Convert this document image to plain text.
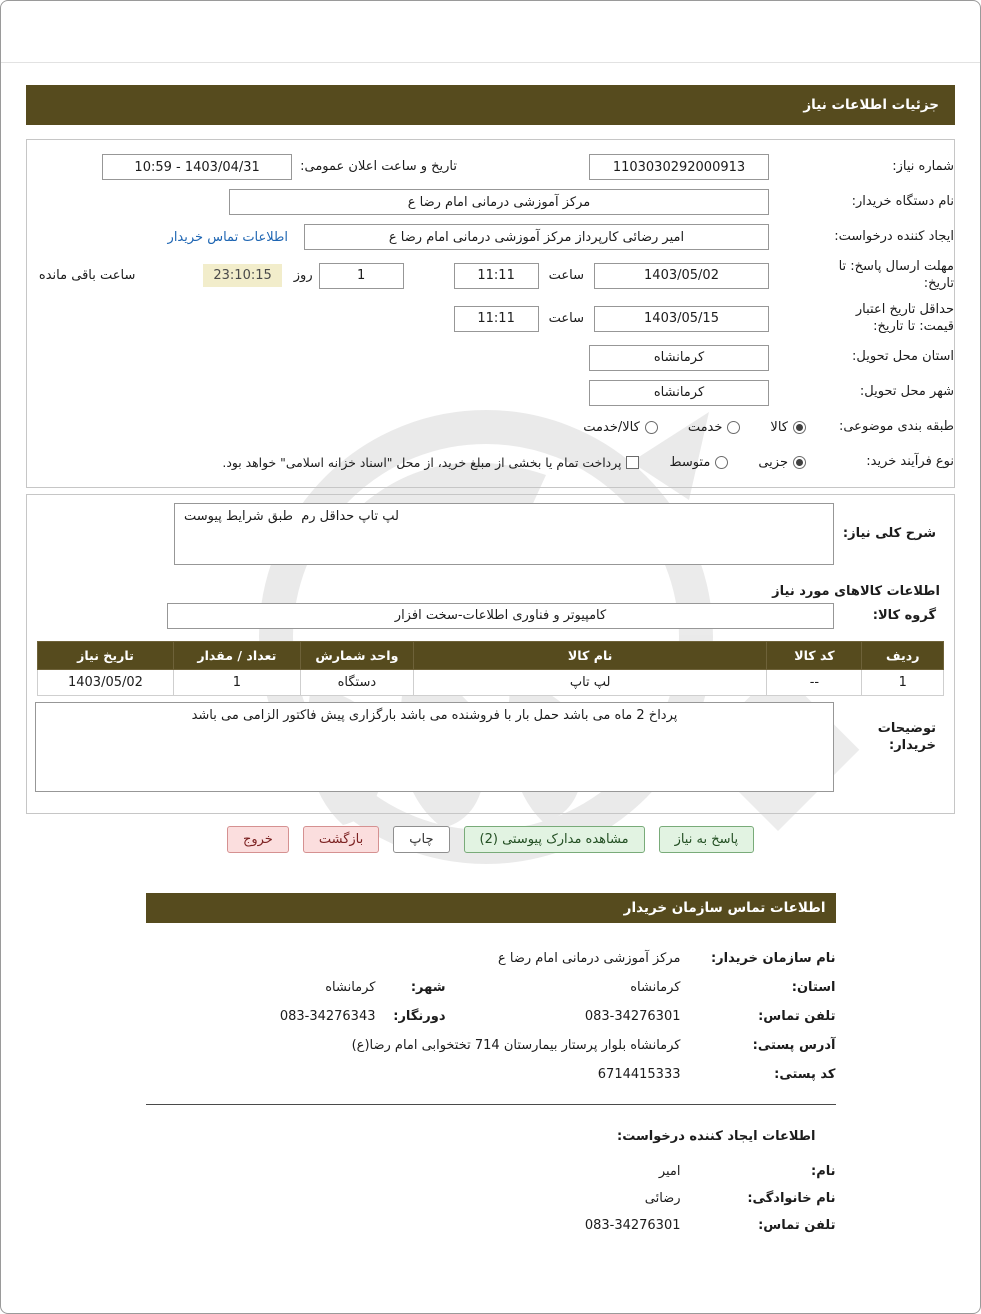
جزئیات اطلاعات نیاز
شماره نیاز:
1103030292000913
تاریخ و ساعت اعلان عمومی:
1403/04/31 - 10:59
نام دستگاه خریدار:
مرکز آموزشی درمانی امام رضا ع
ایجاد کننده درخواست:
امیر رضائی کارپرداز مرکز آموزشی درمانی امام رضا ع
اطلاعات تماس خریدار
مهلت ارسال پاسخ: تا تاریخ:
1403/05/02
ساعت
11:11
1
روز
23:10:15
ساعت باقی مانده
حداقل تاریخ اعتبار قیمت: تا تاریخ:
1403/05/15
ساعت
11:11
استان محل تحویل:
کرمانشاه
شهر محل تحویل:
کرمانشاه
طبقه بندی موضوعی:
کالا
خدمت
کالا/خدمت
نوع فرآیند خرید:
جزیی
متوسط
پرداخت تمام یا بخشی از مبلغ خرید، از محل "اسناد خزانه اسلامی" خواهد بود.
شرح کلی نیاز:
لپ تاپ حداقل رم طبق شرایط پیوست
اطلاعات کالاهای مورد نیاز
گروه کالا:
کامپیوتر و فناوری اطلاعات-سخت افزار
ردیف	کد کالا	نام کالا	واحد شمارش	تعداد / مقدار	تاریخ نیاز
1	--	لپ تاپ	دستگاه	1	1403/05/02
توضیحات خریدار:
پرداخ 2 ماه می باشد حمل بار با فروشنده می باشد بارگزاری پیش فاکتور الزامی می باشد
پاسخ به نیاز
مشاهده مدارک پیوستی (2)
چاپ
بازگشت
خروج
اطلاعات تماس سازمان خریدار
نام سازمان خریدار:
مرکز آموزشی درمانی امام رضا ع
استان:
کرمانشاه
شهر:
کرمانشاه
تلفن تماس:
083-34276301
دورنگار:
083-34276343
آدرس پستی:
کرمانشاه بلوار پرستار بیمارستان 714 تختخوابی امام رضا(ع)
کد پستی:
6714415333
اطلاعات ایجاد کننده درخواست:
نام:
امیر
نام خانوادگی:
رضائی
تلفن تماس:
083-34276301
